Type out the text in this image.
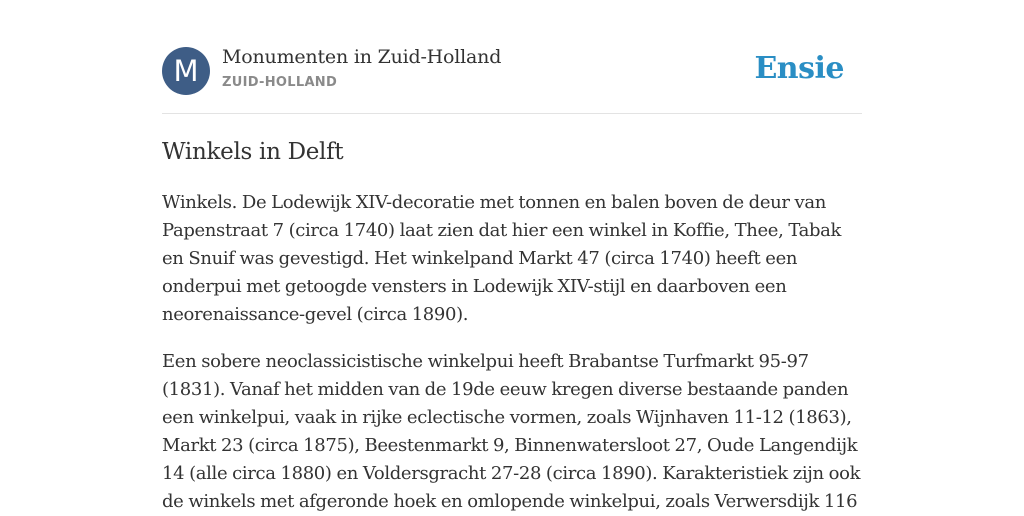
M	Monumenten in Zuid-Holland
ZUID-HOLLAND	Ensie
Winkels in Delft

Winkels. De Lodewijk XIV-decoratie met tonnen en balen boven de deur van Papenstraat 7 (circa 1740) laat zien dat hier een winkel in Koffie, Thee, Tabak en Snuif was gevestigd. Het winkelpand Markt 47 (circa 1740) heeft een onderpui met getoogde vensters in Lodewijk XIV-stijl en daarboven een neorenaissance-gevel (circa 1890).

Een sobere neoclassicistische winkelpui heeft Brabantse Turfmarkt 95-97 (1831). Vanaf het midden van de 19de eeuw kregen diverse bestaande panden een winkelpui, vaak in rijke eclectische vormen, zoals Wijnhaven 11-12 (1863), Markt 23 (circa 1875), Beestenmarkt 9, Binnenwatersloot 27, Oude Langendijk 14 (alle circa 1880) en Voldersgracht 27-28 (circa 1890). Karakteristiek zijn ook de winkels met afgeronde hoek en omlopende winkelpui, zoals Verwersdijk 116
